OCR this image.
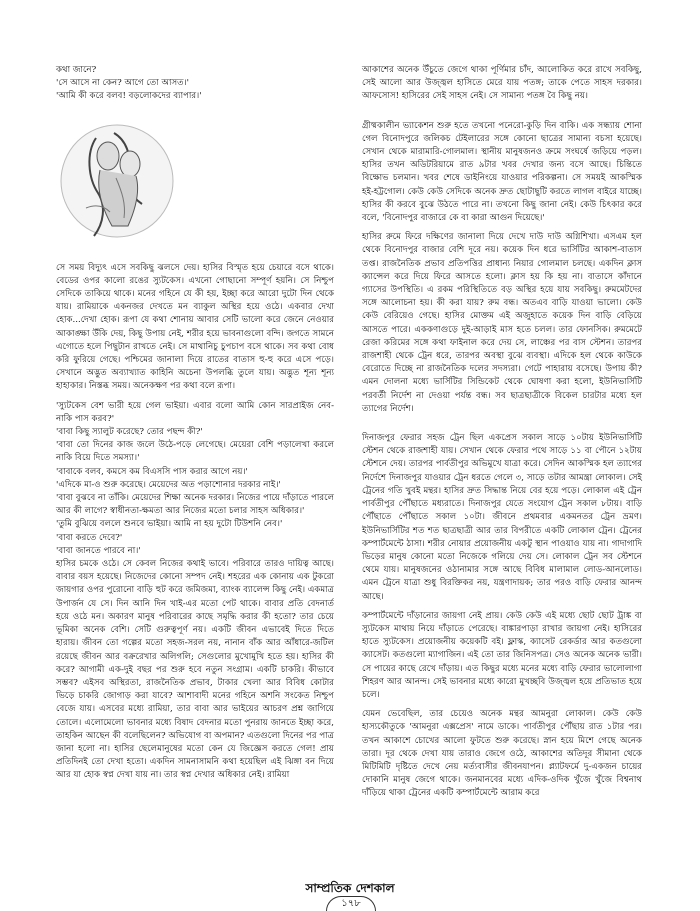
কথা জানে?

'সে আসে না কেন? আগে তো আসত।'

'আমি কী করে বলব! বড়লোকদের ব্যাপার।'

সে সময় বিদ্যুৎ এসে সবকিছু ঝলসে দেয়। হাসির বিস্মৃত হয়ে চেয়ারে বসে থাকে। বেডের ওপর কালো রঙের স্যুটকেস। এখনো গোছানো সম্পূর্ণ হয়নি। সে নিশ্চুপ সেদিকে তাকিয়ে থাকে। মনের গহিনে যে কী হয়, ইচ্ছা করে আরো দুটো দিন থেকে যায়। রামিয়াকে একনজর দেখতে মন ব্যাকুল অস্থির হয়ে ওঠে। একবার দেখা হোক...দেখা হোক। রূপা যে কথা শোনায় আবার সেটি ভালো করে জেনে নেওয়ার আকাঙ্ক্ষা উঁকি দেয়, কিছু উপায় নেই, শরীর হয়ে ভাবনাগুলো বন্দি। জগতে সামনে এগোতে হলে পিছুটান রাখতে নেই। সে মাথানিচু চুপচাপ বসে থাকে। সব কথা বোধ করি ফুরিয়ে গেছে। পশ্চিমের জানালা দিয়ে রাতের বাতাস হু-হু করে এসে পড়ে। সেখানে অদ্ভুত অব্যাখ্যাত কাহিনি অচেনা উপলব্ধি তুলে যায়। অদ্ভুত শূন্য শূন্য হাহাকার। নিস্তব্ধ সময়। অনেকক্ষণ পর কথা বলে রূপা।

'স্যুটকেস বেশ ভারী হয়ে গেল ভাইয়া। এবার বলো আমি কোন সারপ্রাইজ নেব-নাকি পাস করব?'

'বাবা কিছু স্যালুট করেছে? তোর পছন্দ কী?'

'বাবা তো দিনের কাজ জলে উঠে-পড়ে লেগেছে। মেয়েরা বেশি পড়ালেখা করলে নাকি বিয়ে দিতে সমস্যা।'

'বাবাকে বলব, কমসে কম বিএসসি পাস করার আগে নয়।'

'এদিকে মা-ও শুরু করেছে। মেয়েদের অত পড়াশোনার দরকার নাই।'

'বাবা বুঝবে না তাঁকি। মেয়েদের শিক্ষা অনেক দরকার। নিজের পায়ে দাঁড়াতে পারলে আর কী লাগে? স্বাধীনতা-ক্ষমতা আর নিজের মতো চলার সাহস অধিকার।'

'তুমি বুঝিয়ে বললে শুনবে ভাইয়া। আমি না হয় দুটো টিউশনি নেব।'

'বাবা করতে দেবে?'

'বাবা জানতে পারবে না।'

হাসির চমকে ওঠে। সে কেবল নিজের কথাই ভাবে। পরিবারে তারও দায়িত্ব আছে। বাবার বয়স হয়েছে। নিজেদের কোনো সম্পদ নেই। শহরের এক কোনায় এক টুকরো জায়গার ওপর পুরোনো বাড়ি হুট করে জমিজমা, ব্যাংক ব্যালেন্স কিছু নেই। একমাত্র উপার্জন যে সে। দিন আনি দিন খাই-এর মতো পেট থাকে। বাবার প্রতি বেদনার্ত হয়ে ওঠে মন। অকারণ মানুষ পরিবারের কাছে সমৃদ্ধি করার কী হতো? তার চেয়ে ভূমিকা অনেক বেশি। সেটি গুরুত্বপূর্ণ নয়। একটি জীবন এভাবেই দিতে দিতে হারায়। জীবন তো গল্পের মতো সহজ-সরল নয়, নানান বাঁক আর আঁধারে-জটিল রয়েছে জীবন আর বক্ররেখার অলিগলি; সেগুলোর মুখোমুখি হতে হয়। হাসির কী করে? আগামী এক-দুই বছর পর শুরু হবে নতুন সংগ্রাম। একটি চাকরি। কীভাবে সম্ভব? এইসব অস্থিরতা, রাজনৈতিক প্রভাব, টাকার খেলা আর বিবিধ কোটার ভিড়ে চাকরি জোগাড় করা যাবে? আশাবাদী মনের গহিনে অশনি সংকেত নিশ্চুপ বেজে যায়। এসবের মধ্যে রামিয়া, তার বাবা আর ভাইয়ের আচরণ প্রশ্ন জাগিয়ে তোলে। এলোমেলো ভাবনার মধ্যে বিষাদ বেদনার মতো পুনরায় জানতে ইচ্ছা করে, তাহকিন আছেন কী বলেছিলেন? অভিযোগ বা অপমান? এতগুলো দিনের পর পাত্র জানা হলো না। হাসির ছেলেমানুষের মতো কেন যে জিজ্ঞেস করতে গেল! প্রায় প্রতিদিনই তো দেখা হতো। একদিন সামনাসামনি কথা হয়েছিল এই ঝিঙ্গা বন দিয়ে আর যা হোক স্বপ্ন দেখা যায় না। তার স্বপ্ন দেখার অধিকার নেই। রামিয়া

আকাশের অনেক উঁচুতে জেগে থাকা পূর্ণিমার চাঁদ, আলোকিত করে রাখে সবকিছু, সেই আলো আর উজ্জ্বল হাসিতে মেরে যায় পতঙ্গ; তাকে পেতে সাহস দরকার। আফসোস! হাসিরের সেই সাহস নেই। সে সামান্য পতঙ্গ বৈ কিছু নয়।

গ্রীষ্মকালীন ভ্যাকেশন শুরু হতে তখনো পনেরো-কুড়ি দিন বাকি। এক সন্ধ্যায় শোনা গেল বিনোদপুরে জলিকচ টেইলারের সঙ্গে কোনো ছাত্রের সামান্য বচসা হয়েছে। সেখান থেকে মারামারি-গোলমাল। স্থানীয় মানুষজনও ক্রমে সংঘর্ষে জড়িয়ে পড়ল। হাসির তখন অডিটরিয়ামে রাত ৯টার খবর দেখার জন্য বসে আছে। চিন্তিতে বিক্ষোভ চলমান। খবর শেষে ডাইনিংয়ে যাওয়ার পরিকল্পনা। সে সময়ই আকস্মিক হই-হট্টগোল। কেউ কেউ সেদিকে অনেক দ্রুত ছোটাছুটি করতে লাগল বাইরে যাচ্ছে। হাসির কী করবে বুঝে উঠতে পারে না। তখনো কিছু জানা নেই। কেউ চিৎকার করে বলে, 'বিনোদপুর বাজারে কে বা কারা আগুন দিয়েছে।'

হাসির রুমে ফিরে দক্ষিণের জানালা দিয়ে দেখে দাউ দাউ অগ্নিশিখা। এসএম হল থেকে বিনোদপুর বাজার বেশি দূরে নয়। কয়েক দিন ধরে ভার্সিটির আকাশ-বাতাস তপ্ত। রাজনৈতিক প্রভাব প্রতিপত্তির প্রাধান্য নিয়ার গোলমাল চলছে। একদিন ক্লাস ক্যান্সেল করে দিয়ে ফিরে আসতে হলো। ক্লাস হয় কি হয় না। বাতাসে কাঁদানে গ্যাসের উপস্থিতি। এ রকম পরিস্থিতিতে বড় অস্থির হয়ে যায় সবকিছু। রুমমেটদের সঙ্গে আলোচনা হয়। কী করা যায়? রুম বন্ধ। অতএব বাড়ি যাওয়া ভালো। কেউ কেউ বেরিয়েও গেছে। হাসির মোক্তম এই অজুহাতে কয়েক দিন বাড়ি বেড়িয়ে আসতে পারে। এককণাগুড়ে দুই-আড়াই মাস হতে চলল। তার ফোনসিক। রুমমেটে রেজা করিমের সঙ্গে কথা ফাইনাল করে দেয় সে, লাঞ্চের পর বাস স্টেশন। তারপর রাজশাহী থেকে ট্রেন ধরে, তারপর অবস্থা বুঝে ব্যবস্থা। এদিকে হল থেকে কাউকে বেরোতে দিচ্ছে না রাজনৈতিক দলের সদস্যরা। গেটে পাহারায় বসেছে। উপায় কী? এমন দোলনা মধ্যে ভার্সিটির সিন্ডিকেট থেকে ঘোষণা করা হলো, ইউনিভার্সিটি পরবর্তী নির্দেশ না দেওয়া পর্যন্ত বন্ধ। সব ছাত্রছাত্রীকে বিকেল চারটার মধ্যে হল ত্যাগের নির্দেশ।

দিনাজপুর ফেরার সহজ ট্রেন ছিল একপ্রেস সকাল সাড়ে ১০টায় ইউনিভার্সিটি স্টেশন থেকে রাজশাহী যায়। সেখান থেকে ফেরার পথে সাড়ে ১১ বা পৌনে ১২টায় স্টেশনে দেয়। তারপর পার্বতীপুর অভিমুখে যাত্রা করে। সেদিন আকস্মিক হল ত্যাগের নির্দেশে দিনাজপুর যাওয়ার ট্রেন ধরতে গেলে ৩, সাড়ে তটার আমন্ত্রা লোকাল। সেই ট্রেনের গতি খুবই মন্থর। হাসির দ্রুত সিদ্ধান্ত নিয়ে বের হয়ে পড়ে। লোকাল এই ট্রেন পার্বতীপুর পৌঁছাতে মধ্যরাতে। দিনাজপুর যেতে সংযোগ ট্রেন সকাল ৮টায়। বাড়ি পৌঁছাতে পৌঁছাতে সকাল ১০টা। জীবনে প্রথমবার একমনতর ট্রেন ভ্রমণ। ইউনিভার্সিটির শত শত ছাত্রছাত্রী আর তার বিপরীতে একটি লোকাল ট্রেন। ট্রেনের কম্পার্টমেন্টে ঠাসা। শরীর নোয়ার প্রয়োজনীয় একটু স্থান পাওয়াও যায় না। গাদাগাদি ভিড়ের মানুষ কোনো মতো নিজেকে গলিয়ে দেয় সে। লোকাল ট্রেন সব স্টেশনে থেমে যায়। মানুষজনের ওঠানামার সঙ্গে আছে বিবিধ মালামাল লোড-আনলোড। এমন ট্রেনে যাত্রা শুধু বিরক্তিকর নয়, যন্ত্রণাদায়ক; তার পরও বাড়ি ফেরার আনন্দ আছে।

কম্পার্টমেন্টে দাঁড়ানোর জায়গা নেই প্রায়। কেউ কেউ এই মধ্যে ছোট ছোট ট্রাঙ্ক বা স্যুটকেস মাথায় নিয়ে দাঁড়াতে পেরেছে। বাঙ্কারপাড়া রাখার জায়গা নেই। হাসিরের হাতে স্যুটকেস। প্রয়োজনীয় কয়েকটি বই। ফ্লাস্ক, ক্যাসেট রেকর্ডার আর কতগুলো ক্যাসেট। কতগুলো ম্যাগাজিন। এই তো তার জিনিসপত্র। সেও অনেক অনেক ভারী। সে পায়ের কাছে রেখে দাঁড়ায়। এত কিছুর মধ্যে মনের মধ্যে বাড়ি ফেরার ভালোলাগা শিহরণ আর আনন্দ। সেই ভাবনার মধ্যে কারো মুখচ্ছবি উজ্জ্বল হয়ে প্রতিভাত হয়ে চলে।

যেমন ভেবেছিল, তার চেয়েও অনেক মন্থর আমনুরা লোকাল। কেউ কেউ হাস্যকৌতুকে 'আমনুরা এক্সপ্রেস' নামে ডাকে। পার্বতীপুর পৌঁছায় রাত ১টার পর। তখন আকাশে চোখের আলো ফুটতে শুরু করেছে। স্নান হয়ে মিশে গেছে অনেক তারা। দূর থেকে দেখা যায় তারাও জেগে ওঠে, আকাশের অতিদূর সীমানা থেকে মিটিমিটি দৃষ্টিতে দেখে নেয় মর্ত্যবাসীর জীবনযাপন। প্ল্যাটফর্মে দু-একজন চায়ের দোকানি মানুষ জেগে থাকে। জনমানবের মধ্যে এদিক-ওদিক খুঁজে খুঁজে বিশ্বনাথ দাঁড়িয়ে থাকা ট্রেনের একটি কম্পার্টমেন্টে আরাম করে

সাম্প্রতিক দেশকাল
১৭৮
